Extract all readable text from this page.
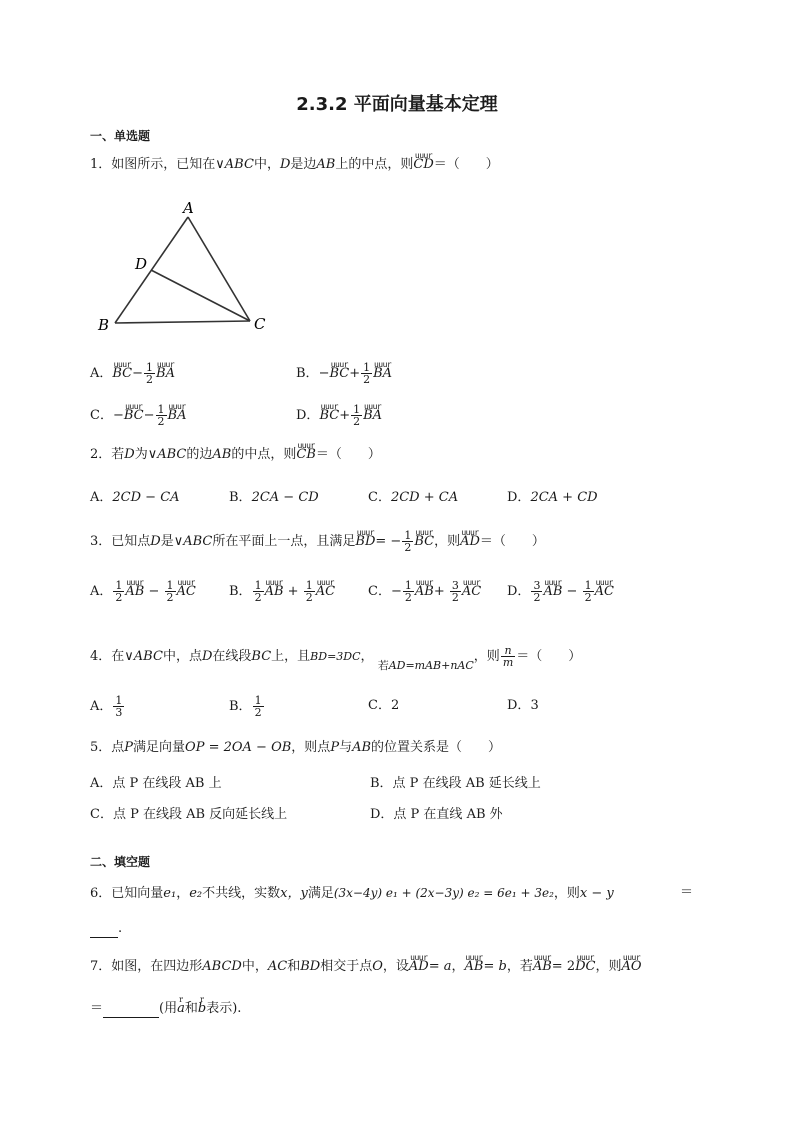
2.3.2 平面向量基本定理
一、单选题
1．如图所示，已知在∨ABC中，D是边AB上的中点，则uuur CD＝（　　）
A
B	C
D
A．uuur $BC- \frac{1}{2}$ uuur BA	B．−uuur $BC+ \frac{1}{2}$ uuur BA
C．−uuur $BC- \frac{1}{2}$ uuur BA	D．uuur $BC+ \frac{1}{2}$ uuur BA
2．若D为∨ABC的边AB的中点，则uuur CB＝（　　）
A．2CD − CA	B．2CA − CD	C．2CD + CA	D．2CA + CD
3．已知点D是∨ABC所在平面上一点，且满足uuur $BD= - \frac{1}{2}$ uuur BC，则uuur AD＝（　　）
A． $\frac{1}{2}$ uuur AB − $\frac{1}{2}$ uuur AC	B． $\frac{1}{2}$ uuur AB + $\frac{1}{2}$ uuur AC	C．− $\frac{1}{2}$ uuur $AB+ \frac{3}{2}$ uuur AC D． $\frac{3}{2}$ uuur AB − $\frac{1}{2}$ uuur AC
4．在∨ABC中，点D在线段BC上，且BD=3DC， 若AD=mAB+nAC，则 $\frac{n}{m}$ ＝（　　）
A． $\frac{1}{3}$	B． $\frac{1}{2}$	C．2	D．3
5．点P满足向量OP = 2OA − OB，则点P与AB的位置关系是（　　）
A．点 P 在线段 AB 上	B．点 P 在线段 AB 延长线上
C．点 P 在线段 AB 反向延长线上	D．点 P 在直线 AB 外
二、填空题
6．已知向量e₁，e₂不共线，实数x，y满足(3x−4y) e₁ + (2x−3y) e₂ = 6e₁ + 3e₂，则x − y	＝
.
7．如图，在四边形ABCD中，AC和BD相交于点O，设uuur AD= a，uuur AB= b，若uuur AB= 2uuur DC，则uuur AO
＝	(用r a和r b表示).
